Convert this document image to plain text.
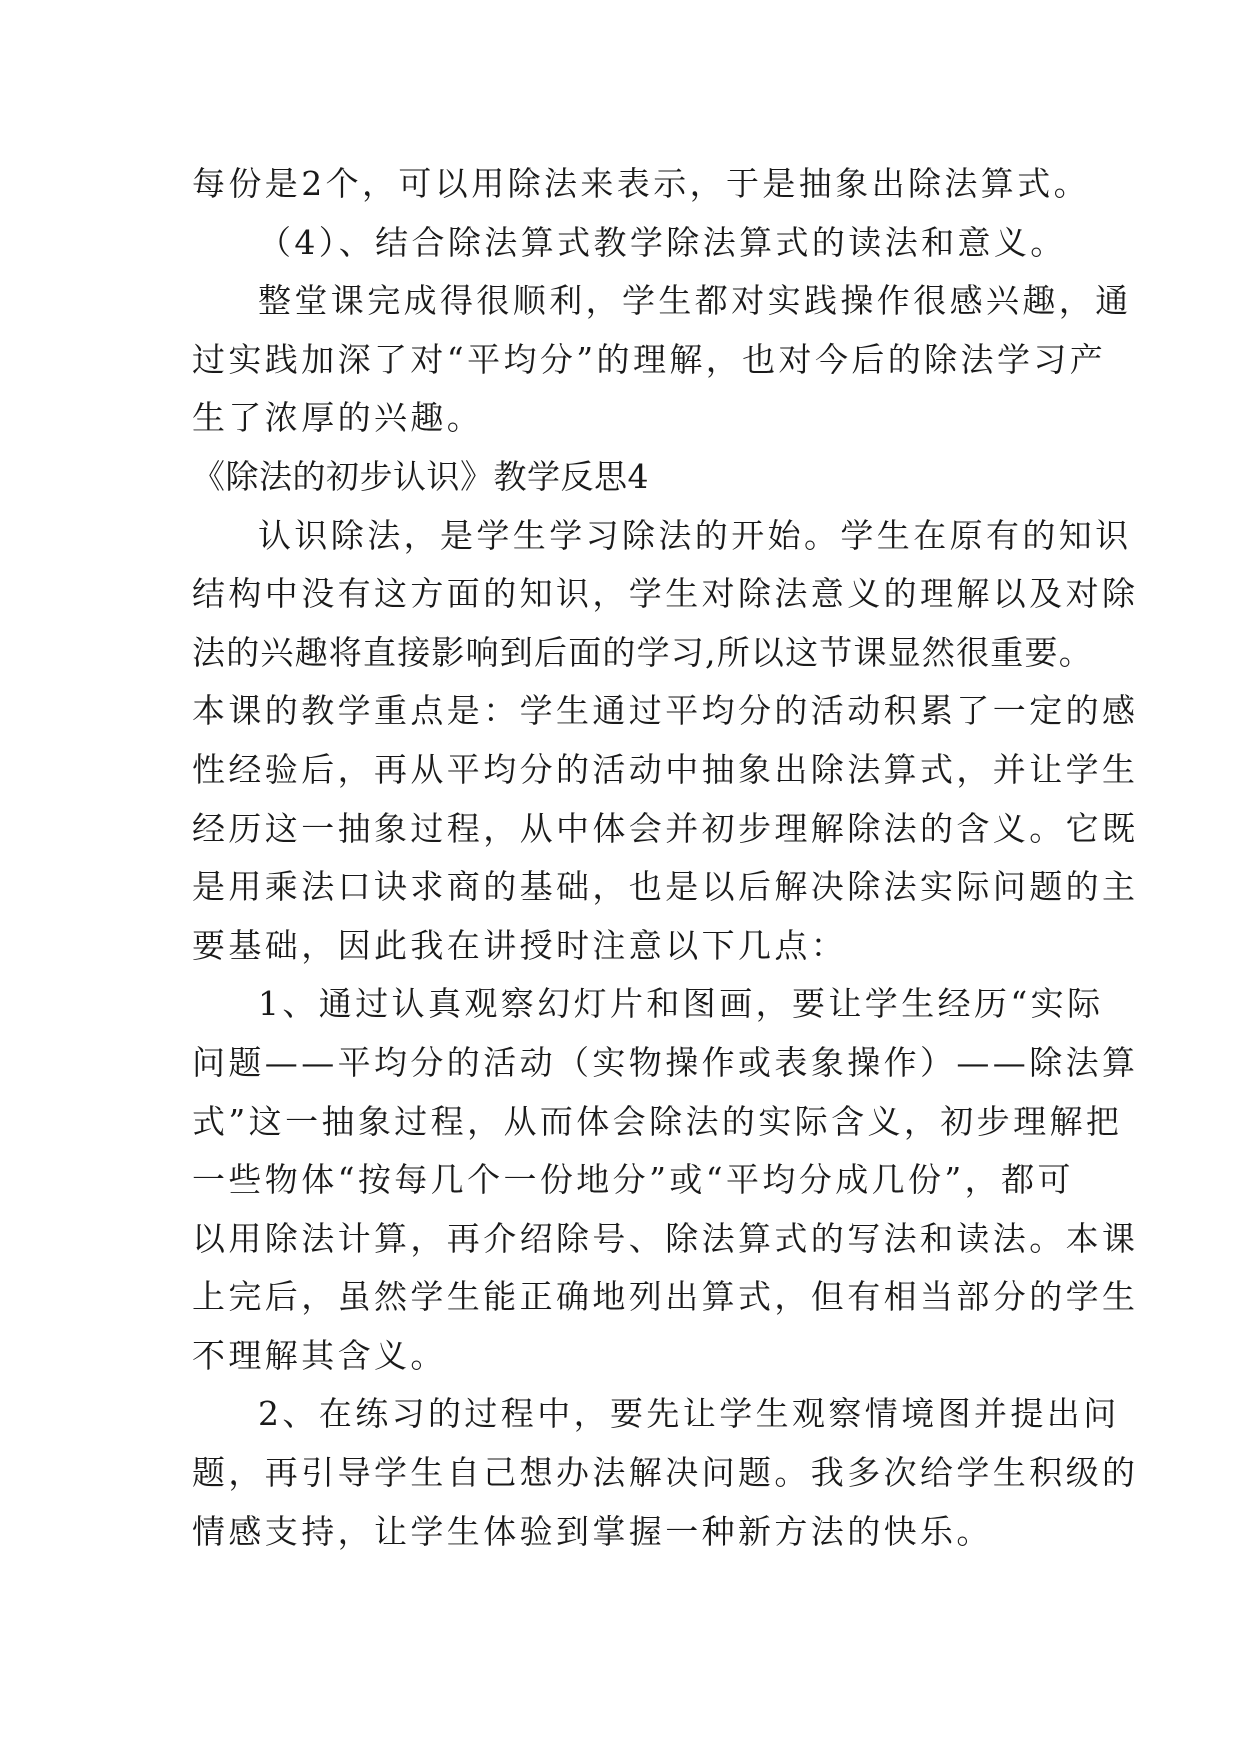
每份是2个，可以用除法来表示，于是抽象出除法算式。
（4）、结合除法算式教学除法算式的读法和意义。
整堂课完成得很顺利，学生都对实践操作很感兴趣，通
过实践加深了对“平均分”的理解，也对今后的除法学习产
生了浓厚的兴趣。
《除法的初步认识》教学反思4
认识除法，是学生学习除法的开始。学生在原有的知识
结构中没有这方面的知识，学生对除法意义的理解以及对除
法的兴趣将直接影响到后面的学习,所以这节课显然很重要。
本课的教学重点是：学生通过平均分的活动积累了一定的感
性经验后，再从平均分的活动中抽象出除法算式，并让学生
经历这一抽象过程，从中体会并初步理解除法的含义。它既
是用乘法口诀求商的基础，也是以后解决除法实际问题的主
要基础，因此我在讲授时注意以下几点：
1、通过认真观察幻灯片和图画，要让学生经历“实际
问题——平均分的活动（实物操作或表象操作）——除法算
式”这一抽象过程，从而体会除法的实际含义，初步理解把
一些物体“按每几个一份地分”或“平均分成几份”，都可
以用除法计算，再介绍除号、除法算式的写法和读法。本课
上完后，虽然学生能正确地列出算式，但有相当部分的学生
不理解其含义。
2、在练习的过程中，要先让学生观察情境图并提出问
题，再引导学生自己想办法解决问题。我多次给学生积级的
情感支持，让学生体验到掌握一种新方法的快乐。
